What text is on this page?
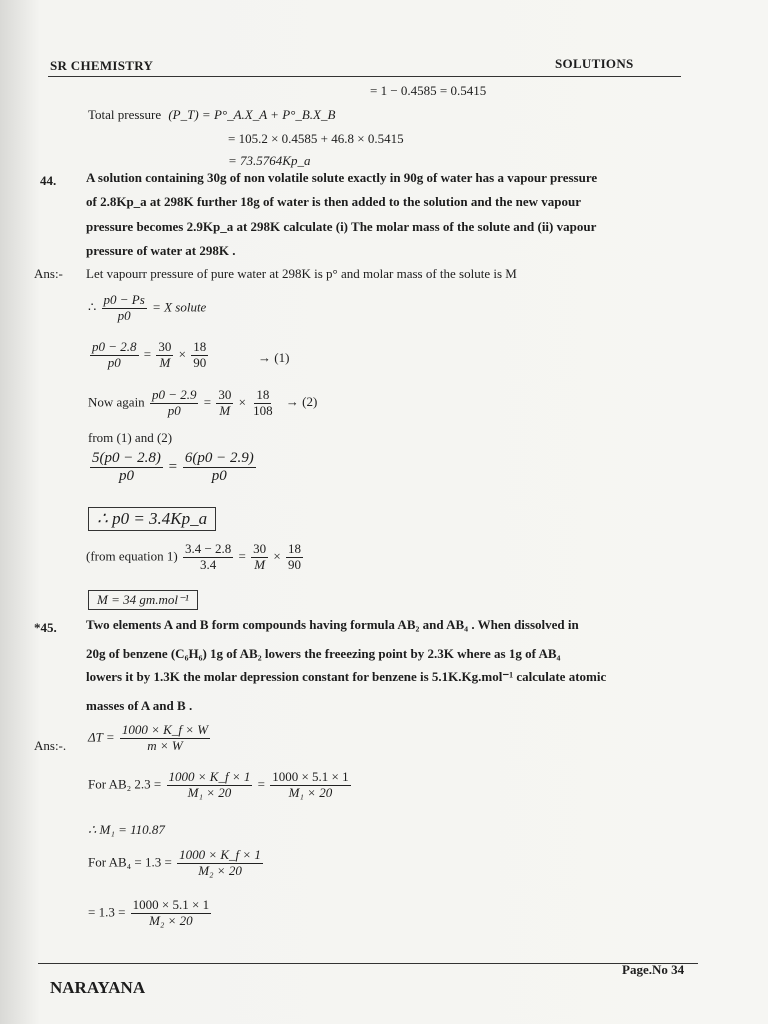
SR CHEMISTRY	SOLUTIONS
= 1 − 0.4585 = 0.5415
Total pressure (P_T) = P°_A.X_A + P°_B.X_B
= 105.2 × 0.4585 + 46.8 × 0.5415
= 73.5764Kp_a
44. A solution containing 30g of non volatile solute exactly in 90g of water has a vapour pressure
of 2.8Kp_a at 298K further 18g of water is then added to the solution and the new vapour
pressure becomes 2.9Kp_a at 298K calculate (i) The molar mass of the solute and (ii) vapour
pressure of water at 298K .
Ans:- Let vapourr pressure of pure water at 298K is p° and molar mass of the solute is M
∴ $\frac{p0 - Ps}{p0} = X$ solute
$\frac{p0 - 2.8}{p0} = \frac{30}{M} \times \frac{18}{90}$	→ (1)
Now again $\frac{p0 - 2.9}{p0} = \frac{30}{M} \times \frac{18}{108} \to (2)$
from (1) and (2)
$\frac{5(p0 - 2.8)}{p0} = \frac{6(p0 - 2.9)}{p0}$
∴ p0 = 3.4Kp_a
(from equation $1) \frac{3.4 - 2.8}{3.4} = \frac{30}{M} \times \frac{18}{90}$
M = 34 gm.mol⁻¹
*45. Two elements A and B form compounds having formula AB₂ and AB₄ . When dissolved in
20g of benzene (C₆H₆) 1g of AB₂ lowers the freeezing point by 2.3K where as 1g of AB₄
lowers it by 1.3K the molar depression constant for benzene is 5.1K.Kg.mol⁻¹ calculate atomic
masses of A and B .
Ans:-.
$\Delta T = \frac{1000 \times K\_f \times W}{m \times W}$
For AB₂ $2.3 = \frac{1000 \times K\_f \times 1}{\text{M₁ × 20}} = \frac{1000 \times 5.1 \times 1}{\text{M₁ × 20}}$
∴ M₁ = 110.87
For $AB_4 = 1.3 = \frac{1000 \times K\_f \times 1}{\text{M₂ × 20}}$
= $1.3 = \frac{1000 \times 5.1 \times 1}{\text{M₂ × 20}}$
NARAYANA
Page.No 34
